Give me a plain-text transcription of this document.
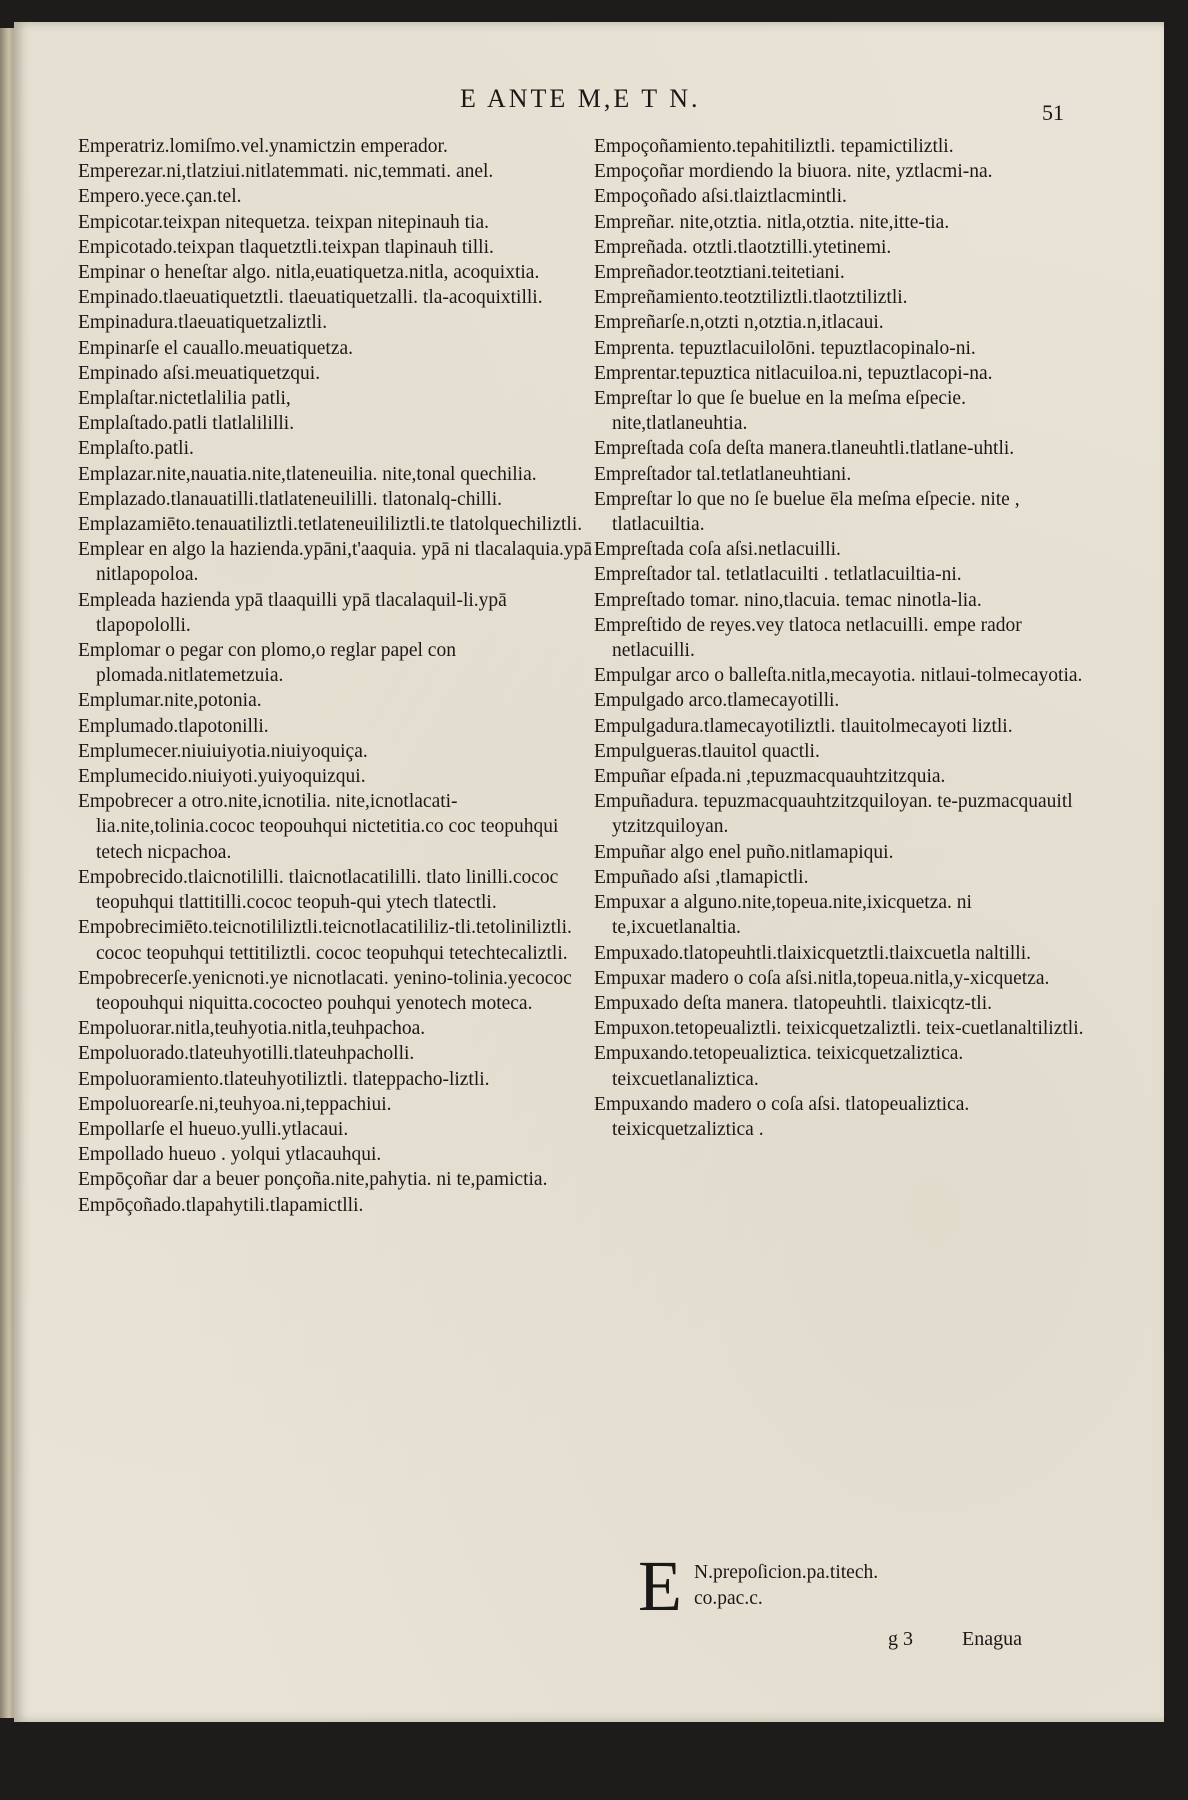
E ANTE M,E T N.	51

Emperatriz.lomiſmo.vel.ynamictzin emperador.

Emperezar.ni,tlatziui.nitlatemmati. nic,temmati. anel.

Empero.yece.çan.tel.

Empicotar.teixpan nitequetza. teixpan nitepinauh tia.

Empicotado.teixpan tlaquetztli.teixpan tlapinauh tilli.

Empinar o heneſtar algo. nitla,euatiquetza.nitla, acoquixtia.

Empinado.tlaeuatiquetztli. tlaeuatiquetzalli. tla-acoquixtilli.

Empinadura.tlaeuatiquetzaliztli.

Empinarſe el cauallo.meuatiquetza.

Empinado aſsi.meuatiquetzqui.

Emplaſtar.nictetlalilia patli,

Emplaſtado.patli tlatlalililli.

Emplaſto.patli.

Emplazar.nite,nauatia.nite,tlateneuilia. nite,tonal quechilia.

Emplazado.tlanauatilli.tlatlateneuililli. tlatonalq-chilli.

Emplazamiēto.tenauatiliztli.tetlateneuililiztli.te tlatolquechiliztli.

Emplear en algo la hazienda.ypāni,t'aaquia. ypā ni tlacalaquia.ypā nitlapopoloa.

Empleada hazienda ypā tlaaquilli ypā tlacalaquil-li.ypā tlapopololli.

Emplomar o pegar con plomo,o reglar papel con plomada.nitlatemetzuia.

Emplumar.nite,potonia.

Emplumado.tlapotonilli.

Emplumecer.niuiuiyotia.niuiyoquiça.

Emplumecido.niuiyoti.yuiyoquizqui.

Empobrecer a otro.nite,icnotilia. nite,icnotlacati-lia.nite,tolinia.cococ teopouhqui nictetitia.co coc teopuhqui tetech nicpachoa.

Empobrecido.tlaicnotililli. tlaicnotlacatililli. tlato linilli.cococ teopuhqui tlattitilli.cococ teopuh-qui ytech tlatectli.

Empobrecimiēto.teicnotililiztli.teicnotlacatililiz-tli.tetoliniliztli. cococ teopuhqui tettitiliztli. cococ teopuhqui tetechtecaliztli.

Empobrecerſe.yenicnoti.ye nicnotlacati. yenino-tolinia.yecococ teopouhqui niquitta.cococteo pouhqui yenotech moteca.

Empoluorar.nitla,teuhyotia.nitla,teuhpachoa.

Empoluorado.tlateuhyotilli.tlateuhpacholli.

Empoluoramiento.tlateuhyotiliztli. tlateppacho-liztli.

Empoluorearſe.ni,teuhyoa.ni,teppachiui.

Empollarſe el hueuo.yulli.ytlacaui.

Empollado hueuo . yolqui ytlacauhqui.

Empōçoñar dar a beuer ponçoña.nite,pahytia. ni te,pamictia.

Empōçoñado.tlapahytili.tlapamictlli.

Empoçoñamiento.tepahitiliztli. tepamictiliztli.

Empoçoñar mordiendo la biuora. nite, yztlacmi-na.

Empoçoñado aſsi.tlaiztlacmintli.

Empreñar. nite,otztia. nitla,otztia. nite,itte-tia.

Empreñada. otztli.tlaotztilli.ytetinemi.

Empreñador.teotztiani.teitetiani.

Empreñamiento.teotztiliztli.tlaotztiliztli.

Empreñarſe.n,otzti n,otztia.n,itlacaui.

Emprenta. tepuztlacuilolōni. tepuztlacopinalo-ni.

Emprentar.tepuztica nitlacuiloa.ni, tepuztlacopi-na.

Empreſtar lo que ſe buelue en la meſma eſpecie. nite,tlatlaneuhtia.

Empreſtada coſa deſta manera.tlaneuhtli.tlatlane-uhtli.

Empreſtador tal.tetlatlaneuhtiani.

Empreſtar lo que no ſe buelue ēla meſma eſpecie. nite , tlatlacuiltia.

Empreſtada coſa aſsi.netlacuilli.

Empreſtador tal. tetlatlacuilti . tetlatlacuiltia-ni.

Empreſtado tomar. nino,tlacuia. temac ninotla-lia.

Empreſtido de reyes.vey tlatoca netlacuilli. empe rador netlacuilli.

Empulgar arco o balleſta.nitla,mecayotia. nitlaui-tolmecayotia.

Empulgado arco.tlamecayotilli.

Empulgadura.tlamecayotiliztli. tlauitolmecayoti liztli.

Empulgueras.tlauitol quactli.

Empuñar eſpada.ni ,tepuzmacquauhtzitzquia.

Empuñadura. tepuzmacquauhtzitzquiloyan. te-puzmacquauitl ytzitzquiloyan.

Empuñar algo enel puño.nitlamapiqui.

Empuñado aſsi ,tlamapictli.

Empuxar a alguno.nite,topeua.nite,ixicquetza. ni te,ixcuetlanaltia.

Empuxado.tlatopeuhtli.tlaixicquetztli.tlaixcuetla naltilli.

Empuxar madero o coſa aſsi.nitla,topeua.nitla,y-xicquetza.

Empuxado deſta manera. tlatopeuhtli. tlaixicqtz-tli.

Empuxon.tetopeualiztli. teixicquetzaliztli. teix-cuetlanaltiliztli.

Empuxando.tetopeualiztica. teixicquetzaliztica. teixcuetlanaliztica.

Empuxando madero o coſa aſsi. tlatopeualiztica. teixicquetzaliztica .

E N.prepoſicion.pa.titech.
co.pac.c.
g 3 Enagua
